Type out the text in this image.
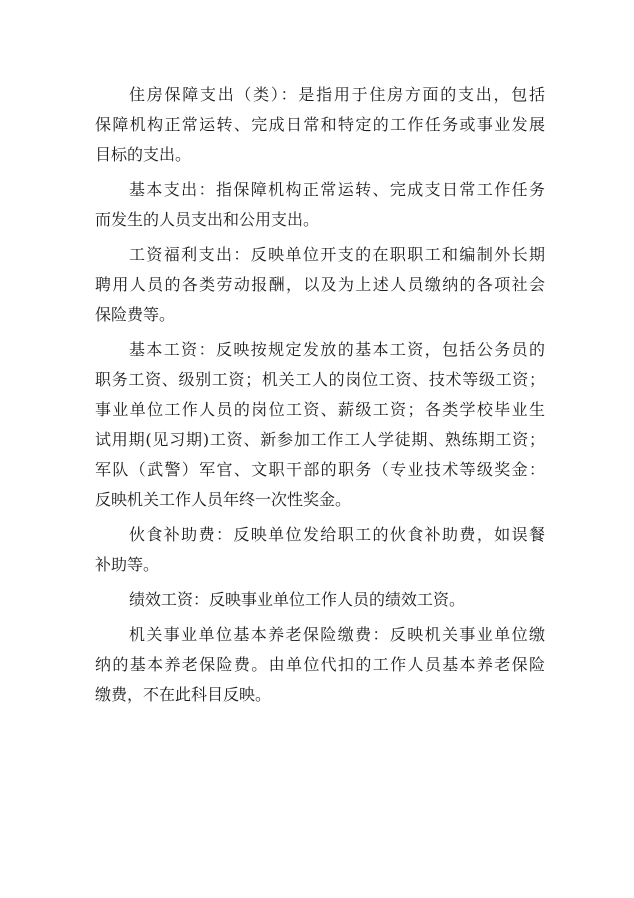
住房保障支出（类）：是指用于住房方面的支出，包括
保障机构正常运转、完成日常和特定的工作任务或事业发展
目标的支出。

基本支出：指保障机构正常运转、完成支日常工作任务
而发生的人员支出和公用支出。

工资福利支出：反映单位开支的在职职工和编制外长期
聘用人员的各类劳动报酬，以及为上述人员缴纳的各项社会
保险费等。

基本工资：反映按规定发放的基本工资，包括公务员的
职务工资、级别工资；机关工人的岗位工资、技术等级工资；
事业单位工作人员的岗位工资、薪级工资；各类学校毕业生
试用期(见习期)工资、新参加工作工人学徒期、熟练期工资；
军队（武警）军官、文职干部的职务（专业技术等级奖金：
反映机关工作人员年终一次性奖金。

伙食补助费：反映单位发给职工的伙食补助费，如误餐
补助等。

绩效工资：反映事业单位工作人员的绩效工资。

机关事业单位基本养老保险缴费：反映机关事业单位缴
纳的基本养老保险费。由单位代扣的工作人员基本养老保险
缴费，不在此科目反映。
